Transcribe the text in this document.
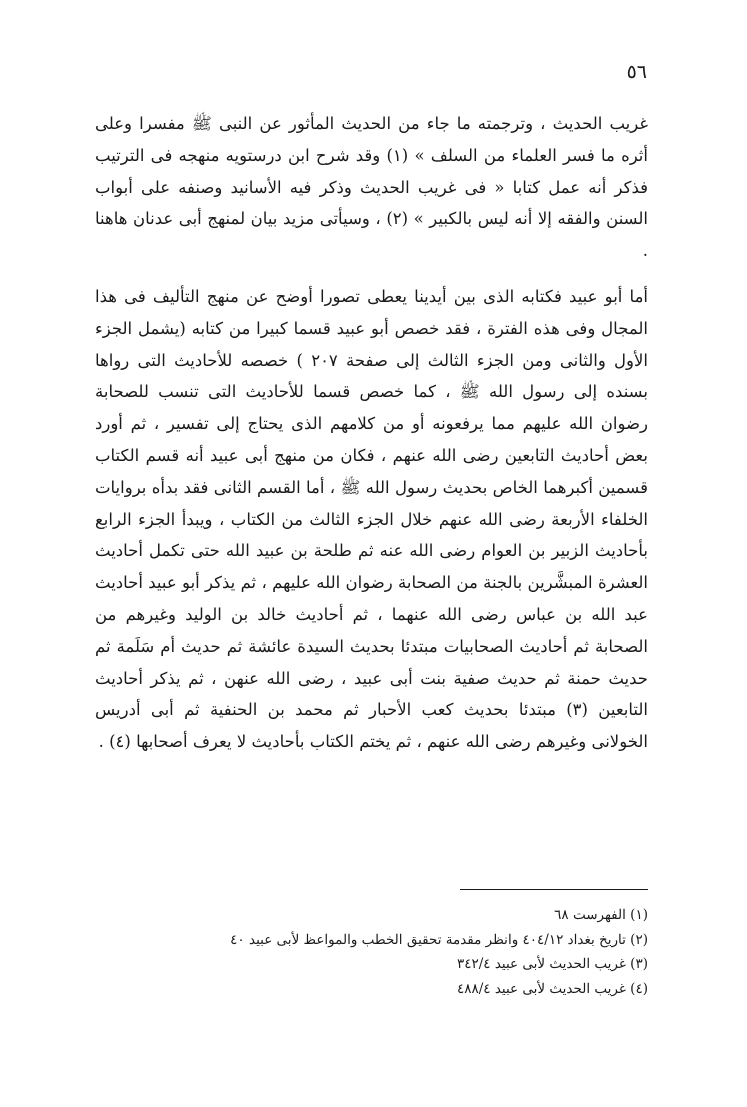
٥٦

غريب الحديث ، وترجمته ما جاء من الحديث المأثور عن النبى ﷺ مفسرا وعلى أثره ما فسر العلماء من السلف » (١) وقد شرح ابن درستويه منهجه فى الترتيب فذكر أنه عمل كتابا « فى غريب الحديث وذكر فيه الأسانيد وصنفه على أبواب السنن والفقه إلا أنه ليس بالكبير » (٢) ، وسيأتى مزيد بيان لمنهج أبى عدنان هاهنا .

أما أبو عبيد فكتابه الذى بين أيدينا يعطى تصورا أوضح عن منهج التأليف فى هذا المجال وفى هذه الفترة ، فقد خصص أبو عبيد قسما كبيرا من كتابه (يشمل الجزء الأول والثانى ومن الجزء الثالث إلى صفحة ٢٠٧ ) خصصه للأحاديث التى رواها بسنده إلى رسول الله ﷺ ، كما خصص قسما للأحاديث التى تنسب للصحابة رضوان الله عليهم مما يرفعونه أو من كلامهم الذى يحتاج إلى تفسير ، ثم أورد بعض أحاديث التابعين رضى الله عنهم ، فكان من منهج أبى عبيد أنه قسم الكتاب قسمين أكبرهما الخاص بحديث رسول الله ﷺ ، أما القسم الثانى فقد بدأه بروايات الخلفاء الأربعة رضى الله عنهم خلال الجزء الثالث من الكتاب ، ويبدأ الجزء الرابع بأحاديث الزبير بن العوام رضى الله عنه ثم طلحة بن عبيد الله حتى تكمل أحاديث العشرة المبشَّرين بالجنة من الصحابة رضوان الله عليهم ، ثم يذكر أبو عبيد أحاديث عبد الله بن عباس رضى الله عنهما ، ثم أحاديث خالد بن الوليد وغيرهم من الصحابة ثم أحاديث الصحابيات مبتدئا بحديث السيدة عائشة ثم حديث أم سَلَمة ثم حديث حمنة ثم حديث صفية بنت أبى عبيد ، رضى الله عنهن ، ثم يذكر أحاديث التابعين (٣) مبتدئا بحديث كعب الأحبار ثم محمد بن الحنفية ثم أبى أدريس الخولانى وغيرهم رضى الله عنهم ، ثم يختم الكتاب بأحاديث لا يعرف أصحابها (٤) .

(١) الفهرست ٦٨

(٢) تاريخ بغداد ٤٠٤/١٢ وانظر مقدمة تحقيق الخطب والمواعظ لأبى عبيد ٤٠

(٣) غريب الحديث لأبى عبيد ٣٤٢/٤

(٤) غريب الحديث لأبى عبيد ٤٨٨/٤
